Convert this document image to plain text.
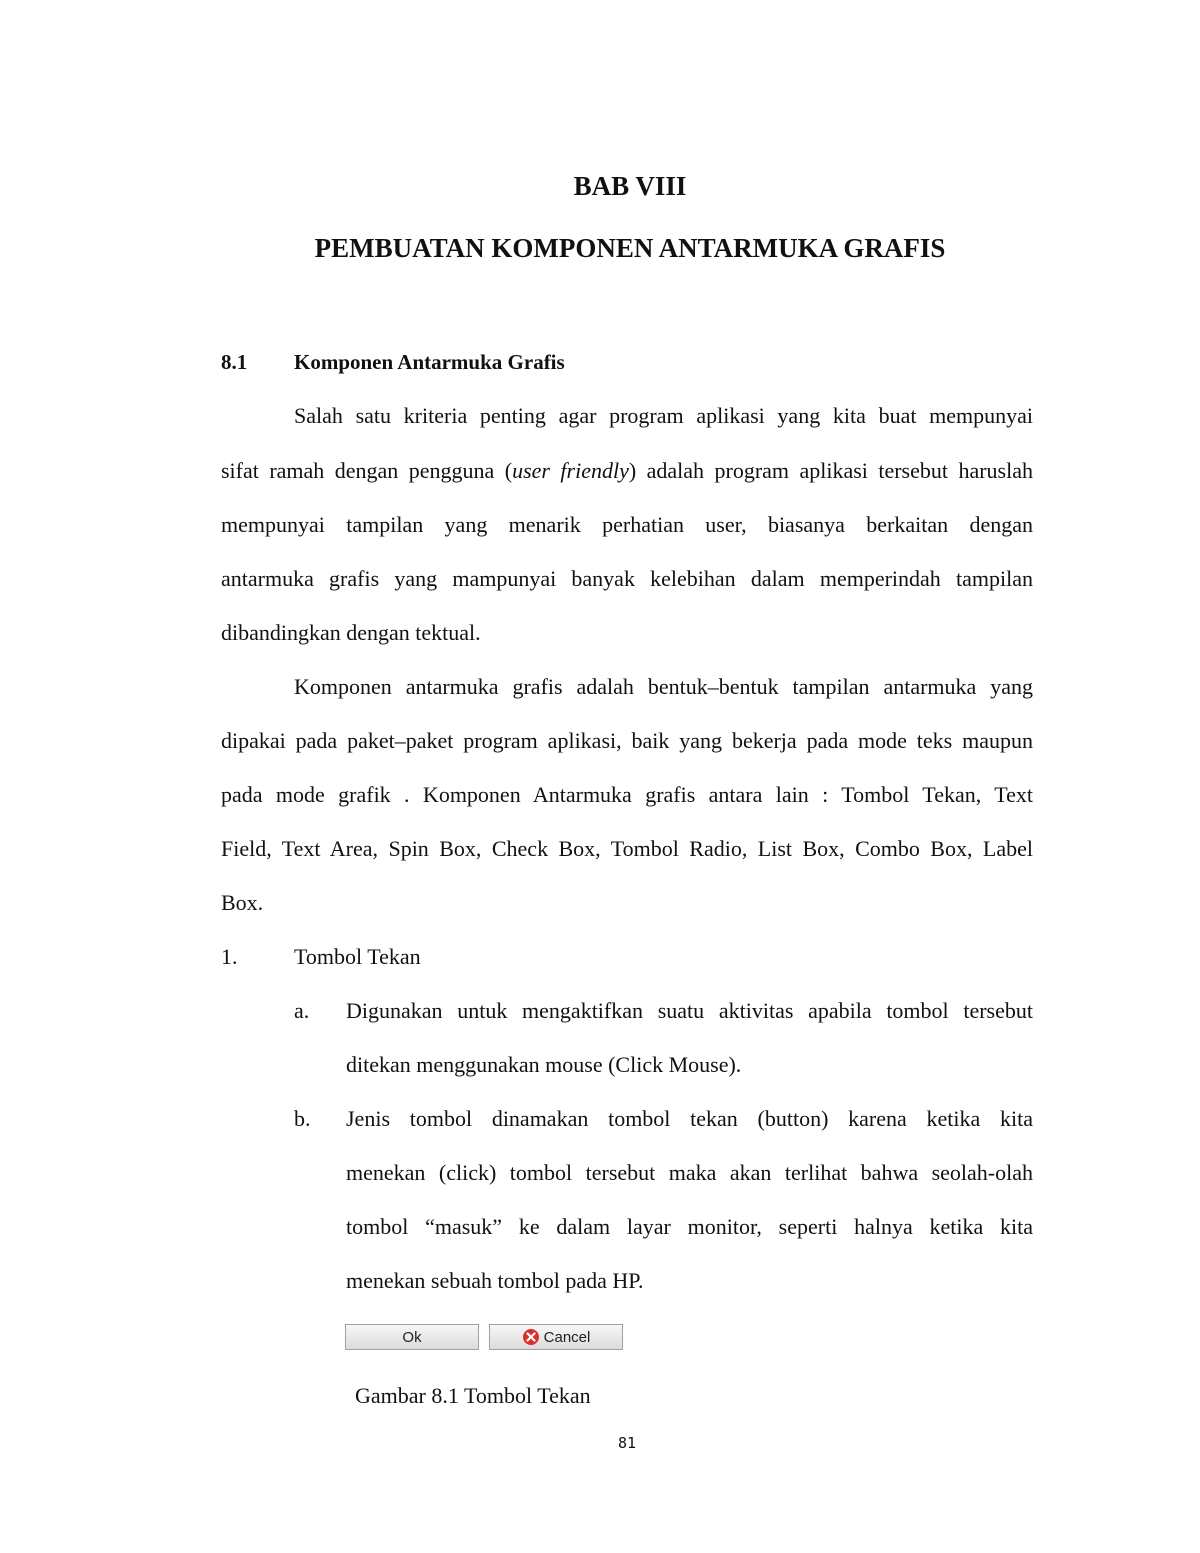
BAB VIII
PEMBUATAN KOMPONEN ANTARMUKA GRAFIS
8.1 Komponen Antarmuka Grafis
Salah satu kriteria penting agar program aplikasi yang kita buat mempunyai
sifat ramah dengan pengguna (user friendly) adalah program aplikasi tersebut haruslah
mempunyai tampilan yang menarik perhatian user, biasanya berkaitan dengan
antarmuka grafis yang mampunyai banyak kelebihan dalam memperindah tampilan
dibandingkan dengan tektual.
Komponen antarmuka grafis adalah bentuk–bentuk tampilan antarmuka yang
dipakai pada paket–paket program aplikasi, baik yang bekerja pada mode teks maupun
pada mode grafik . Komponen Antarmuka grafis antara lain : Tombol Tekan, Text
Field, Text Area, Spin Box, Check Box, Tombol Radio, List Box, Combo Box, Label
Box.
1.	Tombol Tekan
a. Digunakan untuk mengaktifkan suatu aktivitas apabila tombol tersebut
ditekan menggunakan mouse (Click Mouse).
b. Jenis tombol dinamakan tombol tekan (button) karena ketika kita
menekan (click) tombol tersebut maka akan terlihat bahwa seolah-olah
tombol “masuk” ke dalam layar monitor, seperti halnya ketika kita
menekan sebuah tombol pada HP.
Ok	Cancel
Gambar 8.1 Tombol Tekan
81
